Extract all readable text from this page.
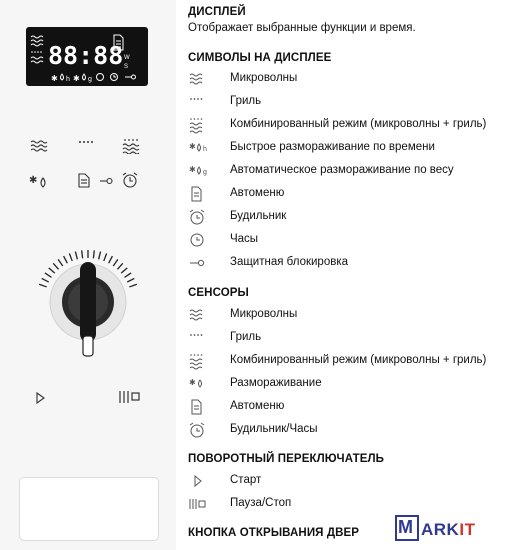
88:88 W
S
✱ h ✱ g
✱
ДИСПЛЕЙ
Отображает выбранные функции и время.
СИМВОЛЫ НА ДИСПЛЕЕ
Микроволны
Гриль
Комбинированный режим (микроволны + гриль)
✱ h Быстрое размораживание по времени
✱ g Автоматическое размораживание по весу
Автоменю
Будильник
Часы
Защитная блокировка
СЕНСОРЫ
Микроволны
Гриль
Комбинированный режим (микроволны + гриль)
✱	Размораживание
Автоменю
Будильник/Часы
ПОВОРОТНЫЙ ПЕРЕКЛЮЧАТЕЛЬ
Старт
Пауза/Стоп
КНОПКА ОТКРЫВАНИЯ ДВЕР M ARKIT
